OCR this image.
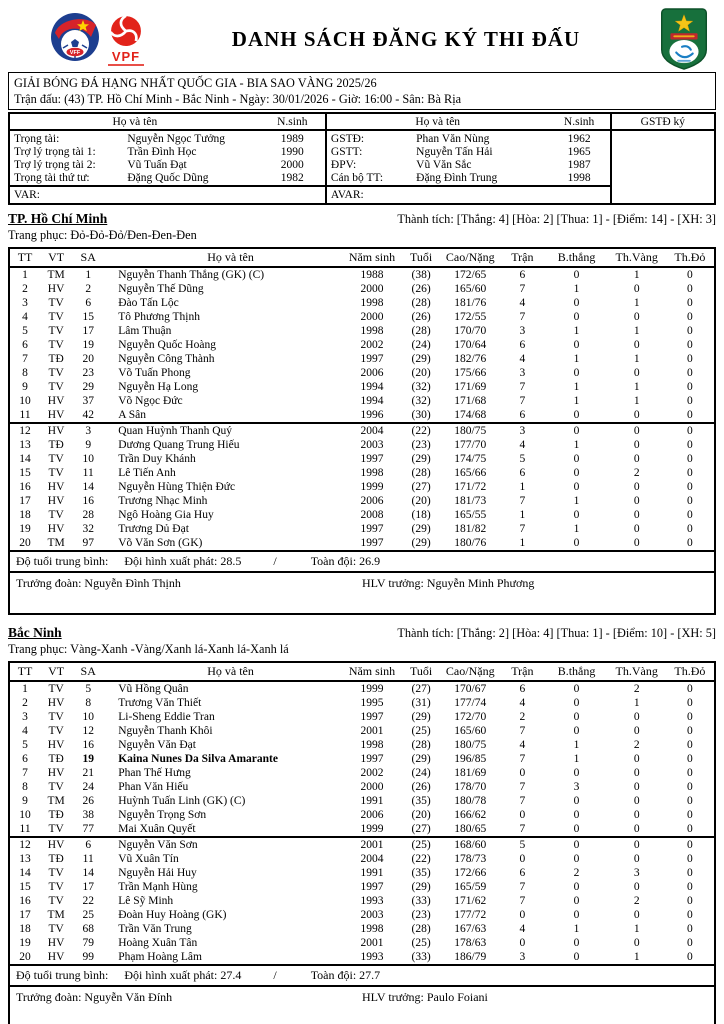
VFF VPF
DANH SÁCH ĐĂNG KÝ THI ĐẤU
GIẢI BÓNG ĐÁ HẠNG NHẤT QUỐC GIA - BIA SAO VÀNG 2025/26
Trận đấu: (43) TP. Hồ Chí Minh - Bắc Ninh - Ngày: 30/01/2026 - Giờ: 16:00 - Sân: Bà Rịa
Họ và tên		N.sinh	Họ và tên		N.sinh	GSTĐ ký
Trọng tài:	Nguyễn Ngọc Tưởng	1989	GSTĐ:	Phan Văn Nùng	1962	
Trợ lý trọng tài 1:	Trần Đình Học	1990	GSTT:	Nguyễn Tấn Hải	1965	
Trợ lý trọng tài 2:	Vũ Tuấn Đạt	2000	ĐPV:	Vũ Văn Sắc	1987	
Trọng tài thứ tư:	Đặng Quốc Dũng	1982	Cán bộ TT:	Đặng Đình Trung	1998	
VAR:			AVAR:			
TP. Hồ Chí Minh	Thành tích: [Thắng: 4] [Hòa: 2] [Thua: 1] - [Điểm: 14] - [XH: 3]
Trang phục: Đỏ-Đỏ-Đỏ/Đen-Đen-Đen
TT	VT	SA	Họ và tên	Năm sinh	Tuổi	Cao/Nặng	Trận	B.thắng	Th.Vàng	Th.Đỏ
1	TM	1	Nguyễn Thanh Thắng (GK) (C)	1988	(38)	172/65	6	0	1	0
2	HV	2	Nguyễn Thế Dũng	2000	(26)	165/60	7	1	0	0
3	TV	6	Đào Tấn Lộc	1998	(28)	181/76	4	0	1	0
4	TV	15	Tô Phương Thịnh	2000	(26)	172/55	7	0	0	0
5	TV	17	Lâm Thuận	1998	(28)	170/70	3	1	1	0
6	TV	19	Nguyễn Quốc Hoàng	2002	(24)	170/64	6	0	0	0
7	TĐ	20	Nguyễn Công Thành	1997	(29)	182/76	4	1	1	0
8	TV	23	Võ Tuấn Phong	2006	(20)	175/66	3	0	0	0
9	TV	29	Nguyễn Hạ Long	1994	(32)	171/69	7	1	1	0
10	HV	37	Võ Ngọc Đức	1994	(32)	171/68	7	1	1	0
11	HV	42	A Sân	1996	(30)	174/68	6	0	0	0
12	HV	3	Quan Huỳnh Thanh Quý	2004	(22)	180/75	3	0	0	0
13	TĐ	9	Dương Quang Trung Hiếu	2003	(23)	177/70	4	1	0	0
14	TV	10	Trần Duy Khánh	1997	(29)	174/75	5	0	0	0
15	TV	11	Lê Tiến Anh	1998	(28)	165/66	6	0	2	0
16	HV	14	Nguyễn Hùng Thiện Đức	1999	(27)	171/72	1	0	0	0
17	HV	16	Trương Nhạc Minh	2006	(20)	181/73	7	1	0	0
18	TV	28	Ngô Hoàng Gia Huy	2008	(18)	165/55	1	0	0	0
19	HV	32	Trương Dủ Đạt	1997	(29)	181/82	7	1	0	0
20	TM	97	Võ Văn Sơn (GK)	1997	(29)	180/76	1	0	0	0
Độ tuổi trung bình: Đội hình xuất phát: 28.5	/	Toàn đội: 26.9
Trưởng đoàn: Nguyễn Đình Thịnh	HLV trưởng: Nguyễn Minh Phương
Bắc Ninh	Thành tích: [Thắng: 2] [Hòa: 4] [Thua: 1] - [Điểm: 10] - [XH: 5]
Trang phục: Vàng-Xanh -Vàng/Xanh lá-Xanh lá-Xanh lá
TT	VT	SA	Họ và tên	Năm sinh	Tuổi	Cao/Nặng	Trận	B.thắng	Th.Vàng	Th.Đỏ
1	TV	5	Vũ Hồng Quân	1999	(27)	170/67	6	0	2	0
2	HV	8	Trương Văn Thiết	1995	(31)	177/74	4	0	1	0
3	TV	10	Li-Sheng Eddie Tran	1997	(29)	172/70	2	0	0	0
4	TV	12	Nguyễn Thanh Khôi	2001	(25)	165/60	7	0	0	0
5	HV	16	Nguyễn Văn Đạt	1998	(28)	180/75	4	1	2	0
6	TĐ	19	Kaina Nunes Da Silva Amarante	1997	(29)	196/85	7	1	0	0
7	HV	21	Phan Thế Hưng	2002	(24)	181/69	0	0	0	0
8	TV	24	Phan Văn Hiếu	2000	(26)	178/70	7	3	0	0
9	TM	26	Huỳnh Tuấn Linh (GK) (C)	1991	(35)	180/78	7	0	0	0
10	TĐ	38	Nguyễn Trọng Sơn	2006	(20)	166/62	0	0	0	0
11	TV	77	Mai Xuân Quyết	1999	(27)	180/65	7	0	0	0
12	HV	6	Nguyễn Văn Sơn	2001	(25)	168/60	5	0	0	0
13	TĐ	11	Vũ Xuân Tín	2004	(22)	178/73	0	0	0	0
14	TV	14	Nguyễn Hải Huy	1991	(35)	172/66	6	2	3	0
15	TV	17	Trần Mạnh Hùng	1997	(29)	165/59	7	0	0	0
16	TV	22	Lê Sỹ Minh	1993	(33)	171/62	7	0	2	0
17	TM	25	Đoàn Huy Hoàng (GK)	2003	(23)	177/72	0	0	0	0
18	TV	68	Trần Văn Trung	1998	(28)	167/63	4	1	1	0
19	HV	79	Hoàng Xuân Tân	2001	(25)	178/63	0	0	0	0
20	HV	99	Phạm Hoàng Lâm	1993	(33)	186/79	3	0	1	0
Độ tuổi trung bình: Đội hình xuất phát: 27.4	/	Toàn đội: 27.7
Trưởng đoàn: Nguyễn Văn Đính	HLV trưởng: Paulo Foiani
